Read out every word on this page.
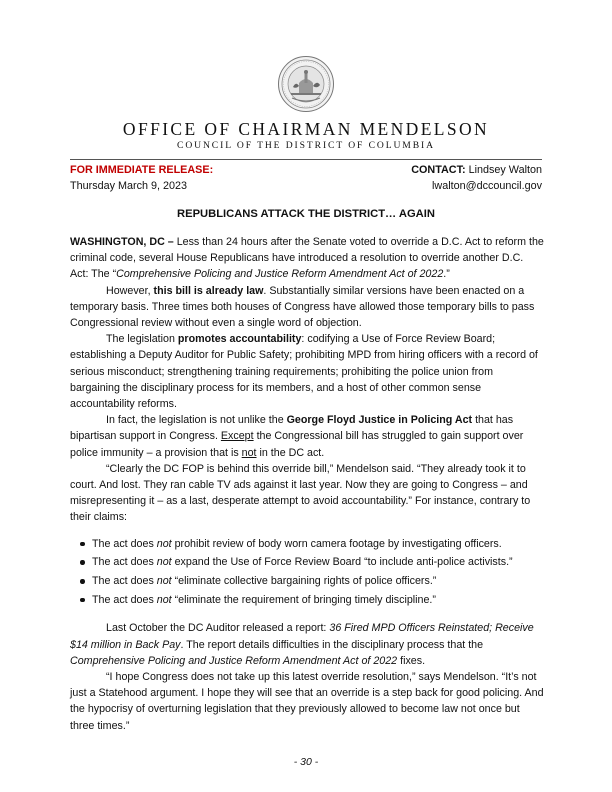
OFFICE OF CHAIRMAN MENDELSON
COUNCIL OF THE DISTRICT OF COLUMBIA
FOR IMMEDIATE RELEASE:
Thursday March 9, 2023
CONTACT: Lindsey Walton
lwalton@dccouncil.gov
REPUBLICANS ATTACK THE DISTRICT… AGAIN

WASHINGTON, DC – Less than 24 hours after the Senate voted to override a D.C. Act to reform the criminal code, several House Republicans have introduced a resolution to override another D.C. Act: The “Comprehensive Policing and Justice Reform Amendment Act of 2022.”

However, this bill is already law. Substantially similar versions have been enacted on a temporary basis. Three times both houses of Congress have allowed those temporary bills to pass Congressional review without even a single word of objection.

The legislation promotes accountability: codifying a Use of Force Review Board; establishing a Deputy Auditor for Public Safety; prohibiting MPD from hiring officers with a record of serious misconduct; strengthening training requirements; prohibiting the police union from bargaining the disciplinary process for its members, and a host of other common sense accountability reforms.

In fact, the legislation is not unlike the George Floyd Justice in Policing Act that has bipartisan support in Congress. Except the Congressional bill has struggled to gain support over police immunity – a provision that is not in the DC act.

“Clearly the DC FOP is behind this override bill,” Mendelson said. “They already took it to court. And lost. They ran cable TV ads against it last year. Now they are going to Congress – and misrepresenting it – as a last, desperate attempt to avoid accountability.” For instance, contrary to their claims:

The act does not prohibit review of body worn camera footage by investigating officers.
The act does not expand the Use of Force Review Board “to include anti-police activists.”
The act does not “eliminate collective bargaining rights of police officers.”
The act does not “eliminate the requirement of bringing timely discipline.”

Last October the DC Auditor released a report: 36 Fired MPD Officers Reinstated; Receive $14 million in Back Pay. The report details difficulties in the disciplinary process that the Comprehensive Policing and Justice Reform Amendment Act of 2022 fixes.

“I hope Congress does not take up this latest override resolution,” says Mendelson. “It’s not just a Statehood argument. I hope they will see that an override is a step back for good policing. And the hypocrisy of overturning legislation that they previously allowed to become law not once but three times.”

- 30 -
